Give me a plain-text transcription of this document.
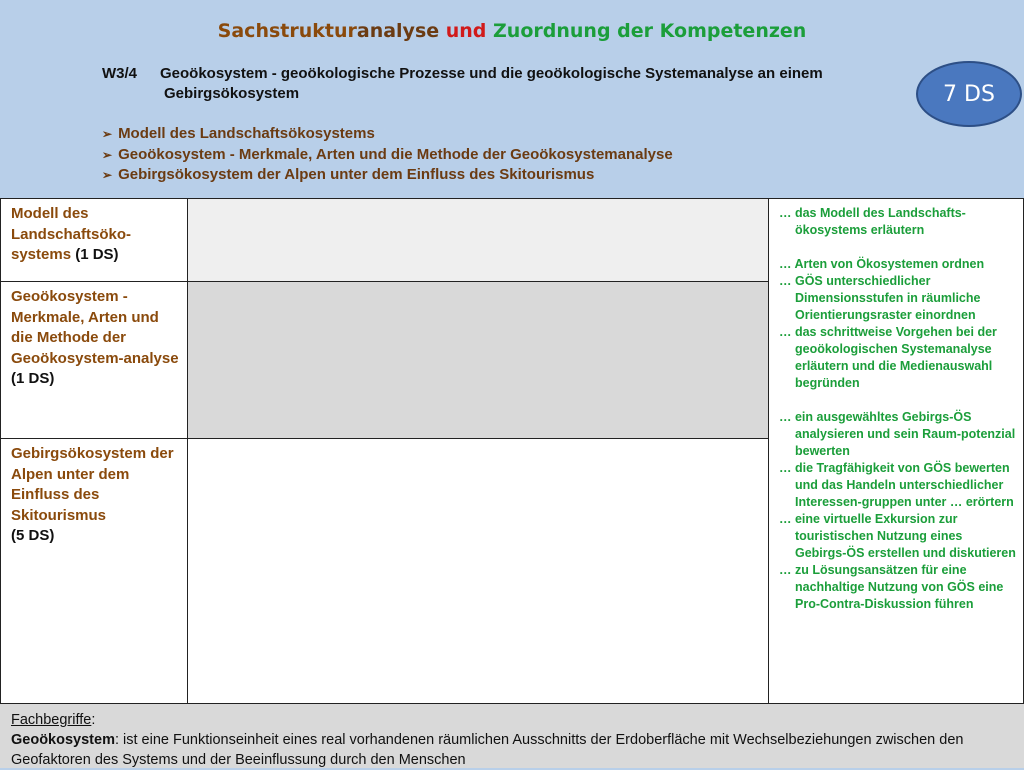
Sachstrukturanalyse und Zuordnung der Kompetenzen
W3/4	Geoökosystem - geoökologische Prozesse und die geoökologische Systemanalyse an einem
Gebirgsökosystem
➢ Modell des Landschaftsökosystems
➢ Geoökosystem - Merkmale, Arten und die Methode der Geoökosystemanalyse
➢ Gebirgsökosystem der Alpen unter dem Einfluss des Skitourismus
7 DS
Modell des Landschaftsöko-systems (1 DS)
Geoökosystem - Merkmale, Arten und die Methode der Geoökosystem-analyse
(1 DS)
Gebirgsökosystem der Alpen unter dem Einfluss des Skitourismus
(5 DS)
… das Modell des Landschafts-ökosystems erläutern
… Arten von Ökosystemen ordnen
… GÖS unterschiedlicher Dimensionsstufen in räumliche Orientierungsraster einordnen
… das schrittweise Vorgehen bei der geoökologischen Systemanalyse erläutern und die Medienauswahl begründen
… ein ausgewähltes Gebirgs-ÖS analysieren und sein Raum-potenzial bewerten
… die Tragfähigkeit von GÖS bewerten und das Handeln unterschiedlicher Interessen-gruppen unter … erörtern
… eine virtuelle Exkursion zur touristischen Nutzung eines Gebirgs-ÖS erstellen und diskutieren
… zu Lösungsansätzen für eine nachhaltige Nutzung von GÖS eine Pro-Contra-Diskussion führen
Fachbegriffe:
Geoökosystem: ist eine Funktionseinheit eines real vorhandenen räumlichen Ausschnitts der Erdoberfläche mit Wechselbeziehungen zwischen den Geofaktoren des Systems und der Beeinflussung durch den Menschen
